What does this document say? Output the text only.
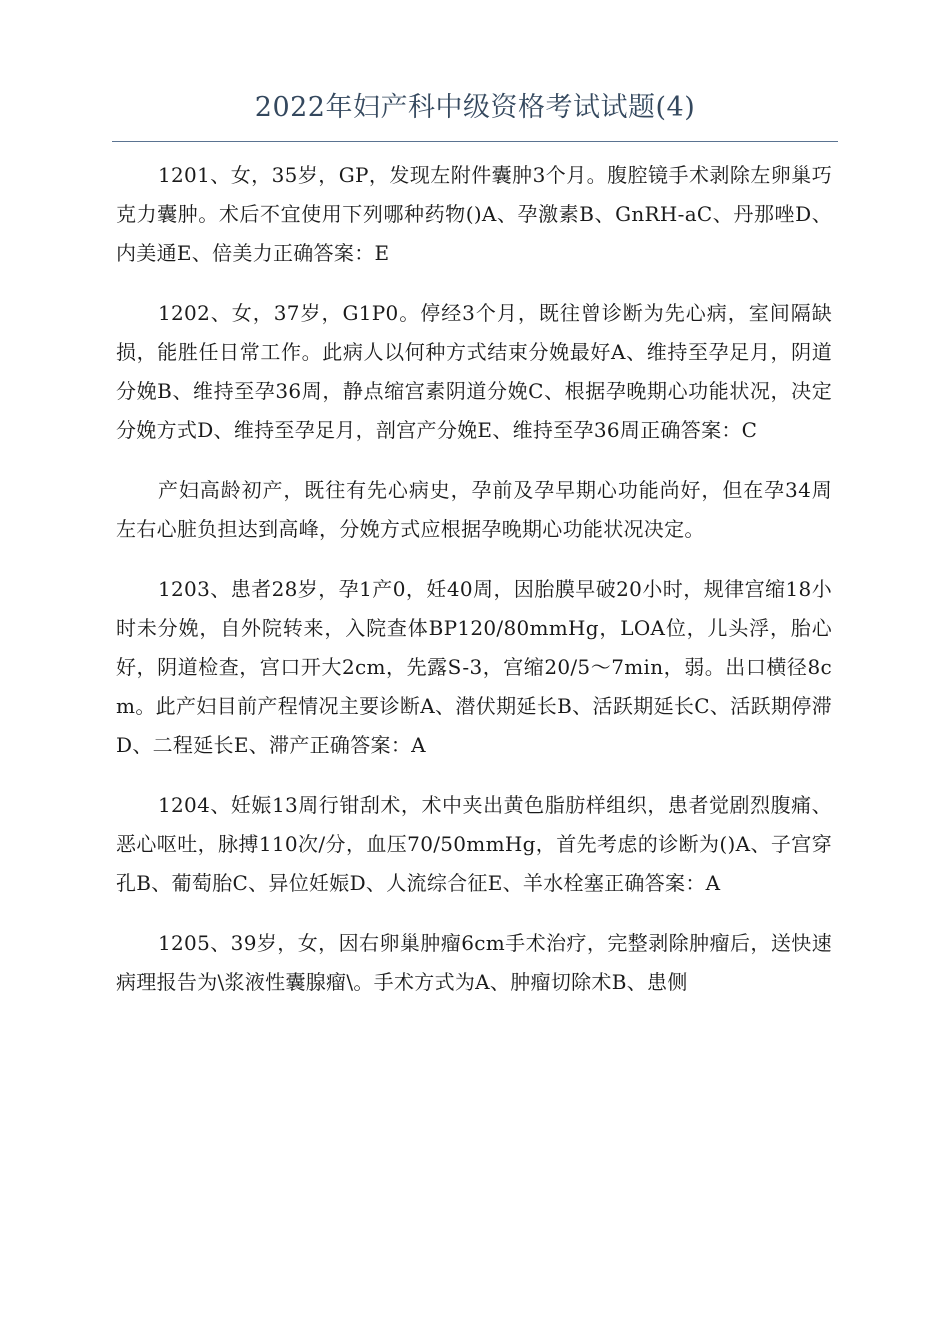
2022年妇产科中级资格考试试题(4)

1201、女，35岁，GP，发现左附件囊肿3个月。腹腔镜手术剥除左卵巢巧克力囊肿。术后不宜使用下列哪种药物()A、孕激素B、GnRH-aC、丹那唑D、内美通E、倍美力正确答案：E

1202、女，37岁，G1P0。停经3个月，既往曾诊断为先心病，室间隔缺损，能胜任日常工作。此病人以何种方式结束分娩最好A、维持至孕足月，阴道分娩B、维持至孕36周，静点缩宫素阴道分娩C、根据孕晚期心功能状况，决定分娩方式D、维持至孕足月，剖宫产分娩E、维持至孕36周正确答案：C

产妇高龄初产，既往有先心病史，孕前及孕早期心功能尚好，但在孕34周左右心脏负担达到高峰，分娩方式应根据孕晚期心功能状况决定。

1203、患者28岁，孕1产0，妊40周，因胎膜早破20小时，规律宫缩18小时未分娩，自外院转来，入院查体BP120/80mmHg，LOA位，儿头浮，胎心好，阴道检查，宫口开大2cm，先露S-3，宫缩20/5～7min，弱。出口横径8cm。此产妇目前产程情况主要诊断A、潜伏期延长B、活跃期延长C、活跃期停滞D、二程延长E、滞产正确答案：A

1204、妊娠13周行钳刮术，术中夹出黄色脂肪样组织，患者觉剧烈腹痛、恶心呕吐，脉搏110次/分，血压70/50mmHg，首先考虑的诊断为()A、子宫穿孔B、葡萄胎C、异位妊娠D、人流综合征E、羊水栓塞正确答案：A

1205、39岁，女，因右卵巢肿瘤6cm手术治疗，完整剥除肿瘤后，送快速病理报告为\浆液性囊腺瘤\。手术方式为A、肿瘤切除术B、患侧
